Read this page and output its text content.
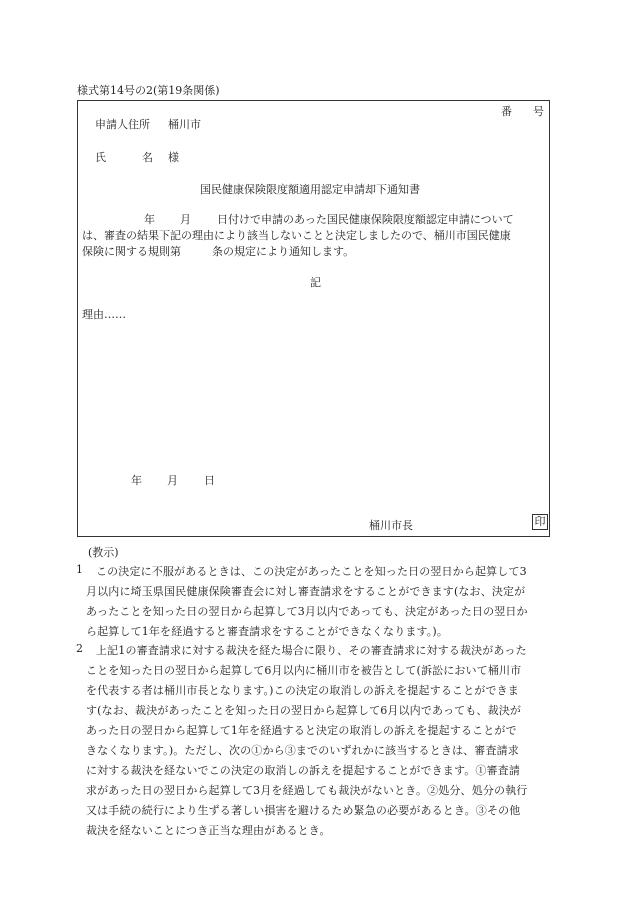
様式第14号の2(第19条関係)
番 号
申請人住所 桶川市
氏	名 様
国民健康保険限度額適用認定申請却下通知書
年 月 日付けで申請のあった国民健康保険限度額認定申請について
は、審査の結果下記の理由により該当しないことと決定しましたので、桶川市国民健康
保険に関する規則第	条の規定により通知します。
記
理由……
年 月 日
桶川市長	印
(教示)
1 この決定に不服があるときは、この決定があったことを知った日の翌日から起算して3
月以内に埼玉県国民健康保険審査会に対し審査請求をすることができます(なお、決定が
あったことを知った日の翌日から起算して3月以内であっても、決定があった日の翌日か
ら起算して1年を経過すると審査請求をすることができなくなります。)。
2 上記1の審査請求に対する裁決を経た場合に限り、その審査請求に対する裁決があった
ことを知った日の翌日から起算して6月以内に桶川市を被告として(訴訟において桶川市
を代表する者は桶川市長となります。)この決定の取消しの訴えを提起することができま
す(なお、裁決があったことを知った日の翌日から起算して6月以内であっても、裁決が
あった日の翌日から起算して1年を経過すると決定の取消しの訴えを提起することがで
きなくなります。)。ただし、次の①から③までのいずれかに該当するときは、審査請求
に対する裁決を経ないでこの決定の取消しの訴えを提起することができます。①審査請
求があった日の翌日から起算して3月を経過しても裁決がないとき。②処分、処分の執行
又は手続の続行により生ずる著しい損害を避けるため緊急の必要があるとき。③その他
裁決を経ないことにつき正当な理由があるとき。
